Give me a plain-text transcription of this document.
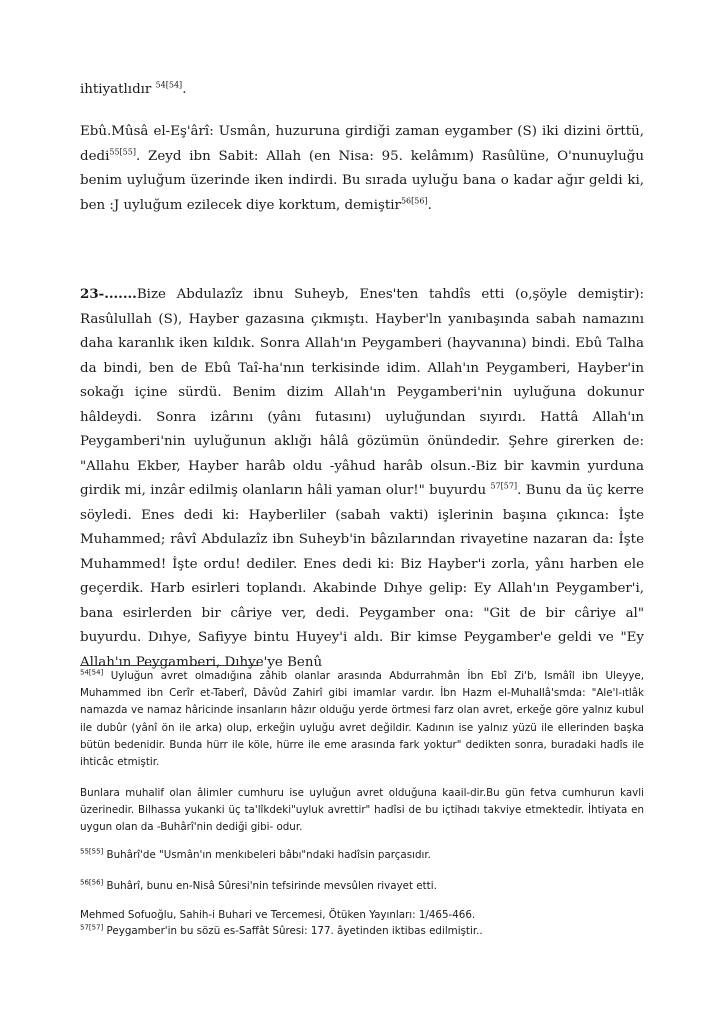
ihtiyatlıdır $^{54[54]}$.

Ebû.Mûsâ el-Eş'ârî: Usmân, huzuruna girdiği zaman eygamber (S) iki dizini örttü, dedi$^{55[55]}$. Zeyd ibn Sabit: Allah (en Nisa: 95. kelâmım) Rasûlüne, O'nunuyluğu benim uyluğum üzerinde iken indirdi. Bu sırada uyluğu bana o kadar ağır geldi ki, ben :J uyluğum ezilecek diye korktum, demiştir$^{56[56]}$.

23-.......Bize Abdulazîz ibnu Suheyb, Enes'ten tahdîs etti (o,şöyle demiştir): Rasûlullah (S), Hayber gazasına çıkmıştı. Hayber'ln yanıbaşında sabah namazını daha karanlık iken kıldık. Sonra Allah'ın Peygamberi (hayvanına) bindi. Ebû Talha da bindi, ben de Ebû Taî-ha'nın terkisinde idim. Allah'ın Peygamberi, Hayber'in sokağı içine sürdü. Benim dizim Allah'ın Peygamberi'nin uyluğuna dokunur hâldeydi. Sonra izârını (yânı futasını) uyluğundan sıyırdı. Hattâ Allah'ın Peygamberi'nin uyluğunun aklığı hâlâ gözümün önündedir. Şehre girerken de: "Allahu Ekber, Hayber harâb oldu -yâhud harâb olsun.-Biz bir kavmin yurduna girdik mi, inzâr edilmiş olanların hâli yaman olur!" buyurdu $^{57[57]}$. Bunu da üç kerre söyledi. Enes dedi ki: Hayberliler (sabah vakti) işlerinin başına çıkınca: İşte Muhammed; râvî Abdulazîz ibn Suheyb'in bâzılarından rivayetine nazaran da: İşte Muhammed! İşte ordu! dediler. Enes dedi ki: Biz Hayber'i zorla, yânı harben ele geçerdik. Harb esirleri toplandı. Akabinde Dıhye gelip: Ey Allah'ın Peygamber'i, bana esirlerden bir câriye ver, dedi. Peygamber ona: "Git de bir câriye al" buyurdu. Dıhye, Safiyye bintu Huyey'i aldı. Bir kimse Peygamber'e geldi ve "Ey Allah'ın Peygamberi, Dıhye'ye Benû

$^{54[54]}$ Uyluğun avret olmadığına zâhib olanlar arasında Abdurrahmân İbn Ebî Zi'b, Ismâîl ibn Uleyye, Muhammed ibn Cerîr et-Taberî, Dâvûd Zahirî gibi imamlar vardır. İbn Hazm el-Muhallâ'smda: "Ale'l-ıtlâk namazda ve namaz hâricinde insanların hâzır olduğu yerde örtmesi farz olan avret, erkeğe göre yalnız kubul ile dubûr (yânî ön ile arka) olup, erkeğin uyluğu avret değildir. Kadının ise yalnız yüzü ile ellerinden başka bütün bedenidir. Bunda hürr ile köle, hürre ile eme arasında fark yoktur" dedikten sonra, buradaki hadîs ile ihticâc etmiştir.

Bunlara muhalif olan âlimler cumhuru ise uyluğun avret olduğuna kaail-dir.Bu gün fetva cumhurun kavli üzerinedir. Bilhassa yukanki üç ta'lîkdeki"uyluk avrettir" hadîsi de bu içtihadı takviye etmektedir. İhtiyata en uygun olan da -Buhârî'nin dediği gibi- odur.

$^{55[55]}$ Buhârî'de "Usmân'ın menkıbeleri bâbı"ndaki hadîsin parçasıdır.

$^{56[56]}$ Buhârî, bunu en-Nisâ Sûresi'nin tefsirinde mevsûlen rivayet etti.

Mehmed Sofuoğlu, Sahih-i Buhari ve Tercemesi, Ötüken Yayınları: 1/465-466.

$^{57[57]}$ Peygamber'in bu sözü es-Saffât Sûresi: 177. âyetinden iktibas edilmiştir..
